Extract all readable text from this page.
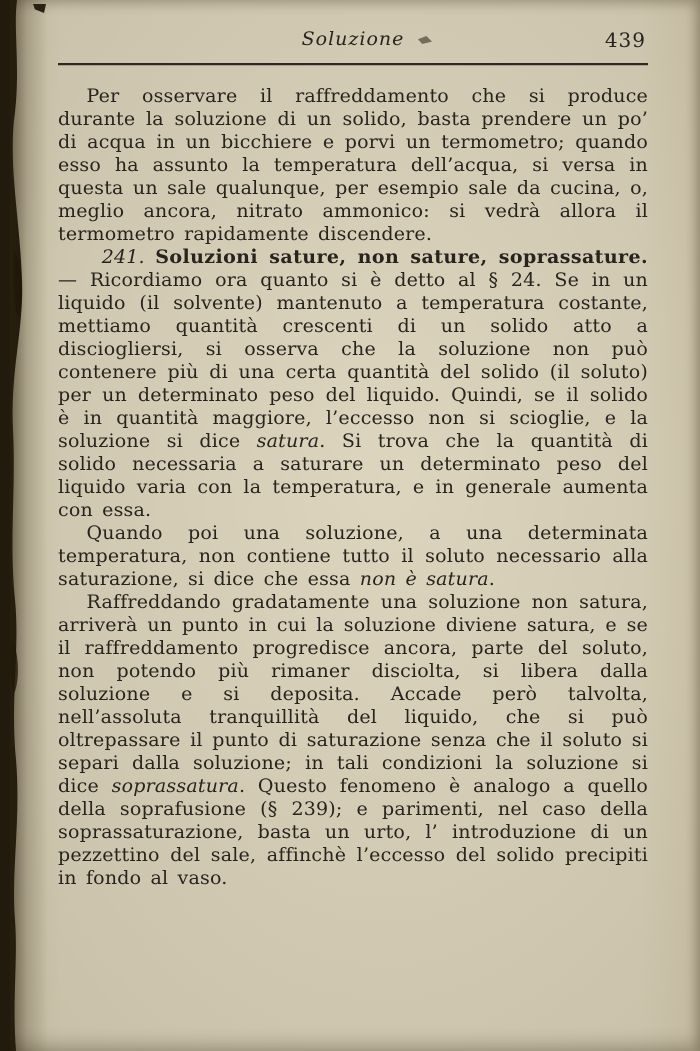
Soluzione	439

Per osservare il raffreddamento che si produce durante la soluzione di un solido, basta prendere un po’ di acqua in un bicchiere e porvi un termometro; quando esso ha assunto la temperatura dell’acqua, si versa in questa un sale qualunque, per esempio sale da cucina, o, meglio ancora, nitrato ammonico: si vedrà allora il termometro rapidamente discendere.

241. Soluzioni sature, non sature, soprassature. — Ricordiamo ora quanto si è detto al § 24. Se in un liquido (il solvente) mantenuto a temperatura costante, mettiamo quantità crescenti di un solido atto a disciogliersi, si osserva che la soluzione non può contenere più di una certa quantità del solido (il soluto) per un determinato peso del liquido. Quindi, se il solido è in quantità maggiore, l’eccesso non si scioglie, e la soluzione si dice satura. Si trova che la quantità di solido necessaria a saturare un determinato peso del liquido varia con la temperatura, e in generale aumenta con essa.

Quando poi una soluzione, a una determinata temperatura, non contiene tutto il soluto necessario alla saturazione, si dice che essa non è satura.

Raffreddando gradatamente una soluzione non satura, arriverà un punto in cui la soluzione diviene satura, e se il raffreddamento progredisce ancora, parte del soluto, non potendo più rimaner disciolta, si libera dalla soluzione e si deposita. Accade però talvolta, nell’assoluta tranquillità del liquido, che si può oltrepassare il punto di saturazione senza che il soluto si separi dalla soluzione; in tali condizioni la soluzione si dice soprassatura. Questo fenomeno è analogo a quello della soprafusione (§ 239); e parimenti, nel caso della soprassaturazione, basta un urto, l’ introduzione di un pezzettino del sale, affinchè l’eccesso del solido precipiti in fondo al vaso.
